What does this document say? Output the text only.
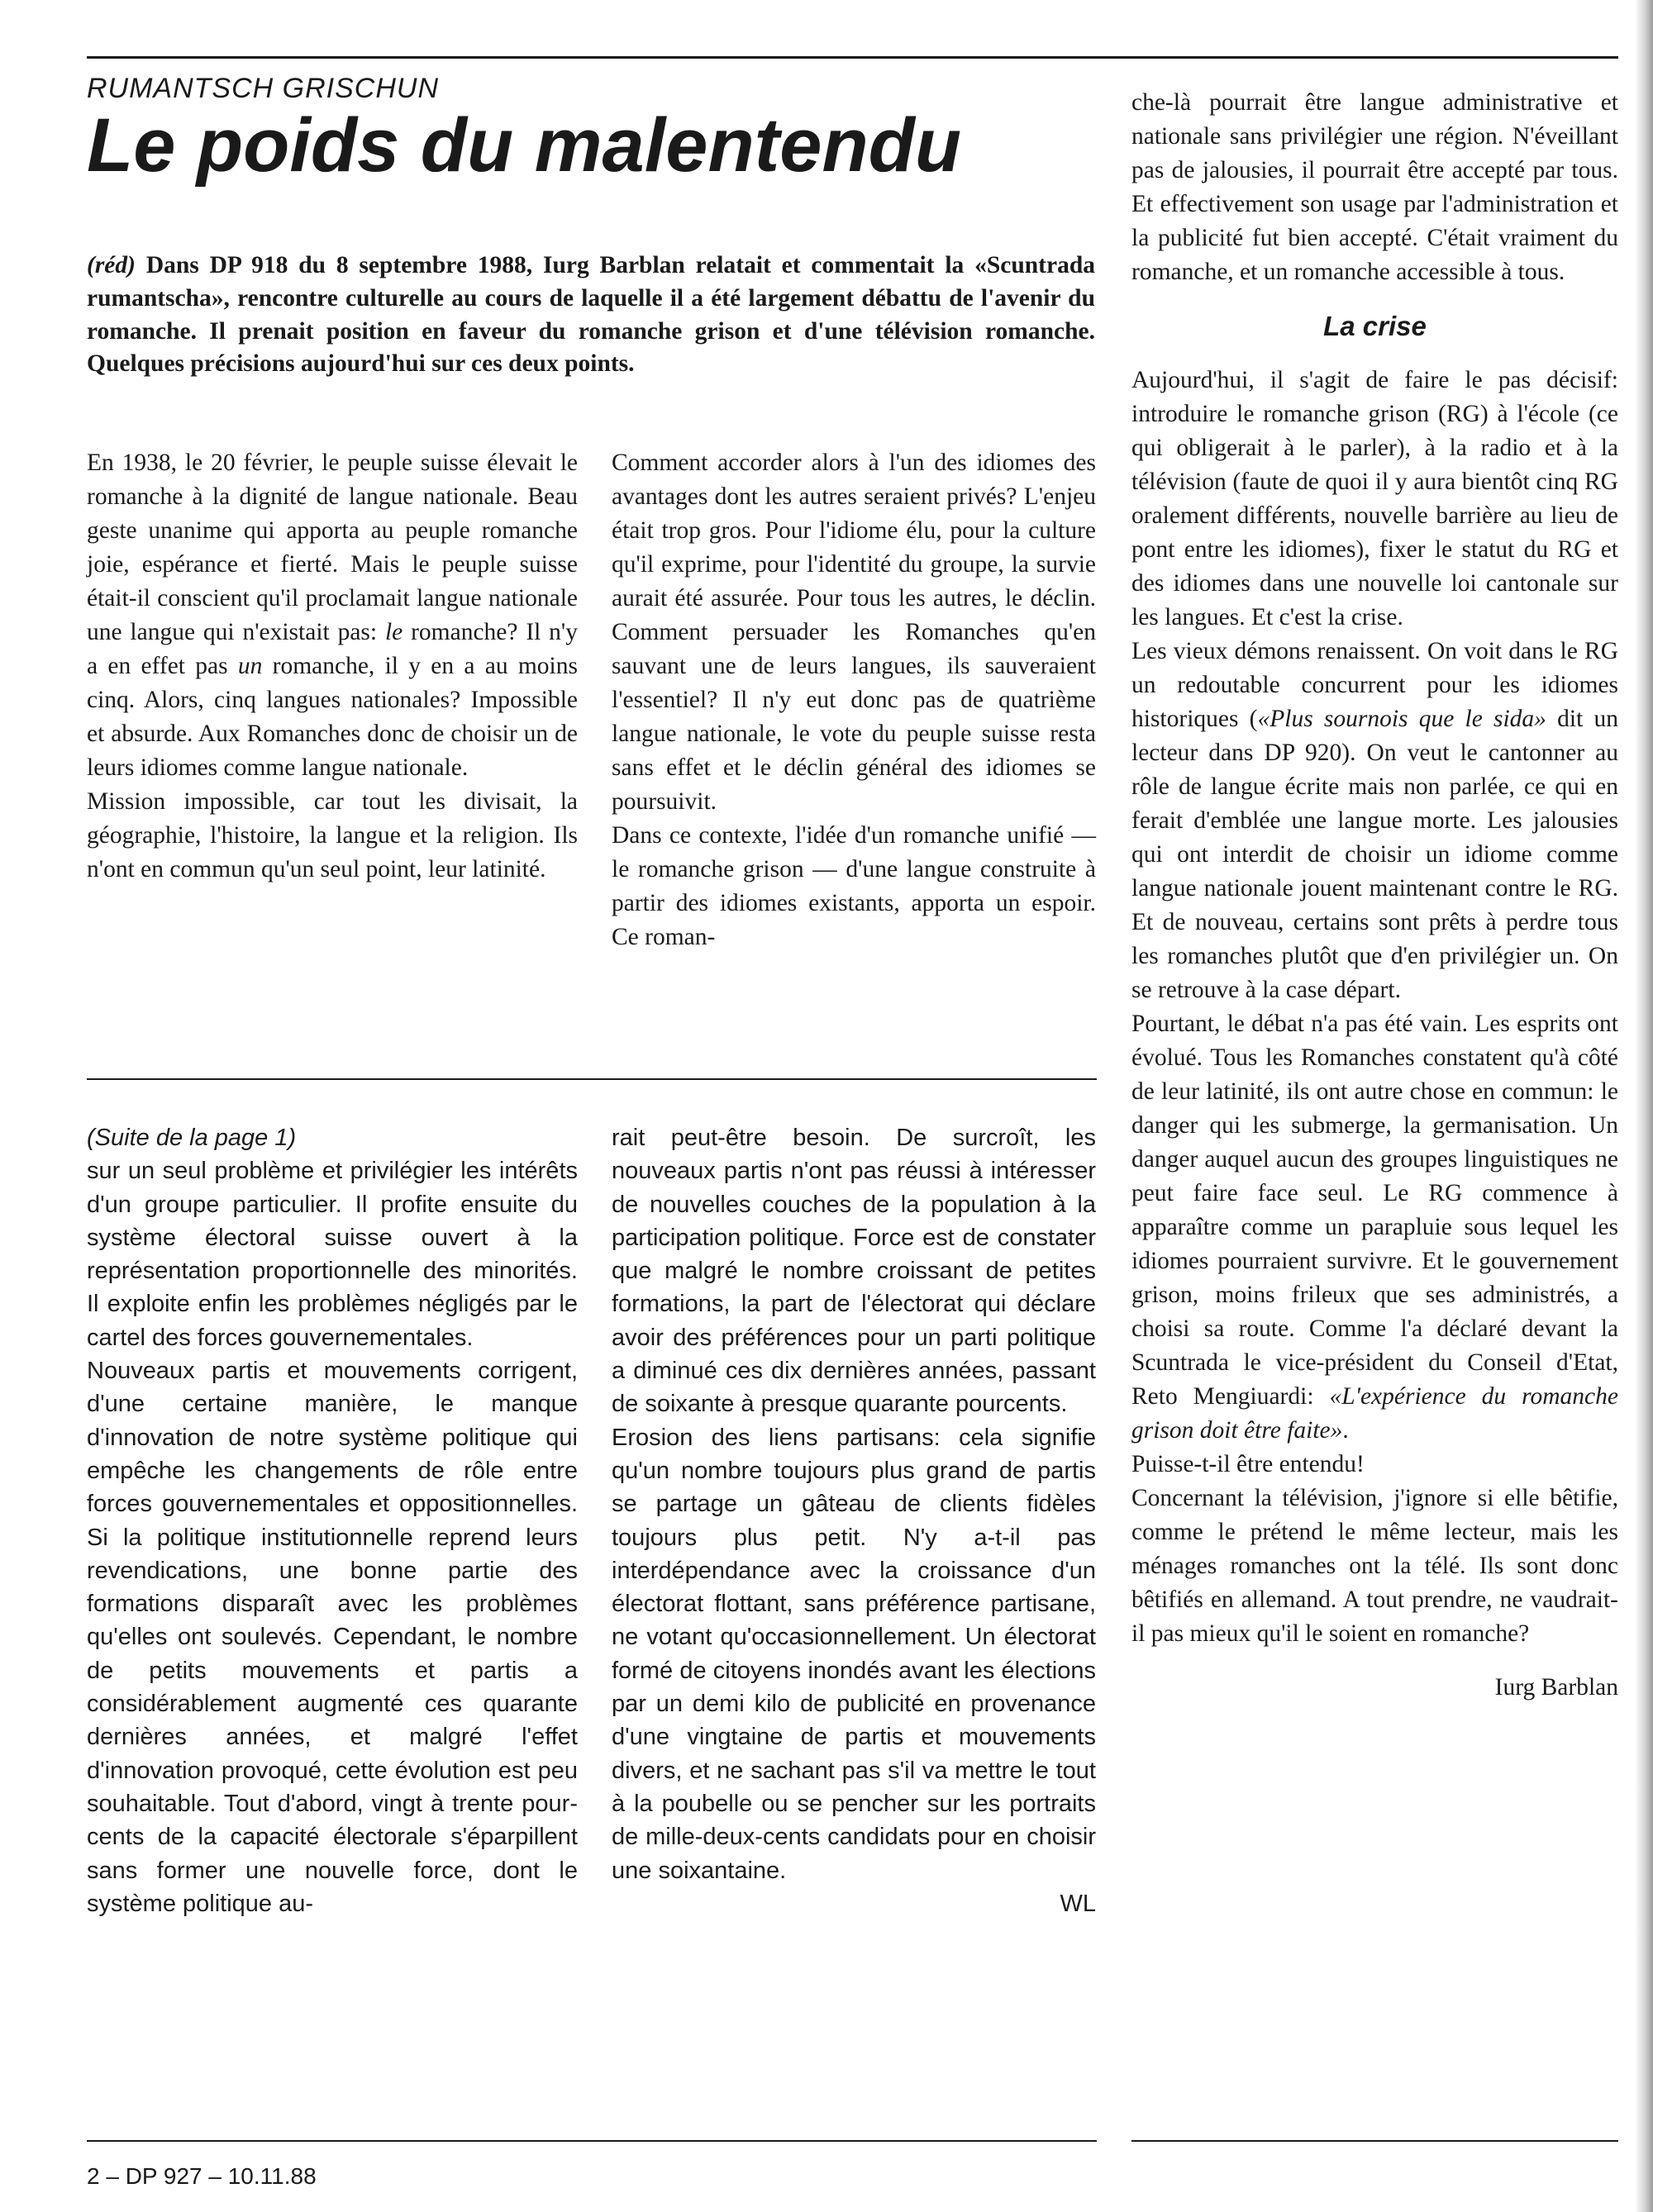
RUMANTSCH GRISCHUN
Le poids du malentendu

(réd) Dans DP 918 du 8 septembre 1988, Iurg Barblan relatait et commentait la «Scuntrada rumantscha», rencontre culturelle au cours de laquelle il a été largement débattu de l'avenir du romanche. Il prenait position en faveur du romanche grison et d'une télévision romanche. Quelques précisions aujourd'hui sur ces deux points.

En 1938, le 20 février, le peuple suisse élevait le romanche à la dignité de langue nationale. Beau geste unanime qui apporta au peuple romanche joie, espérance et fierté. Mais le peuple suisse était-il conscient qu'il proclamait langue nationale une langue qui n'existait pas: le romanche? Il n'y a en effet pas un romanche, il y en a au moins cinq. Alors, cinq langues nationales? Impossible et absurde. Aux Romanches donc de choisir un de leurs idiomes comme langue nationale.

Mission impossible, car tout les divisait, la géographie, l'histoire, la langue et la religion. Ils n'ont en commun qu'un seul point, leur latinité.

Comment accorder alors à l'un des idiomes des avantages dont les autres seraient privés? L'enjeu était trop gros. Pour l'idiome élu, pour la culture qu'il exprime, pour l'identité du groupe, la survie aurait été assurée. Pour tous les autres, le déclin. Comment persuader les Romanches qu'en sauvant une de leurs langues, ils sauveraient l'essentiel? Il n'y eut donc pas de quatrième langue nationale, le vote du peuple suisse resta sans effet et le déclin général des idiomes se poursuivit.

Dans ce contexte, l'idée d'un romanche unifié — le romanche grison — d'une langue construite à partir des idiomes existants, apporta un espoir. Ce roman-

che-là pourrait être langue administrative et nationale sans privilégier une région. N'éveillant pas de jalousies, il pourrait être accepté par tous. Et effectivement son usage par l'administration et la publicité fut bien accepté. C'était vraiment du romanche, et un romanche accessible à tous.

La crise

Aujourd'hui, il s'agit de faire le pas décisif: introduire le romanche grison (RG) à l'école (ce qui obligerait à le parler), à la radio et à la télévision (faute de quoi il y aura bientôt cinq RG oralement différents, nouvelle barrière au lieu de pont entre les idiomes), fixer le statut du RG et des idiomes dans une nouvelle loi cantonale sur les langues. Et c'est la crise.

Les vieux démons renaissent. On voit dans le RG un redoutable concurrent pour les idiomes historiques («Plus sournois que le sida» dit un lecteur dans DP 920). On veut le cantonner au rôle de langue écrite mais non parlée, ce qui en ferait d'emblée une langue morte. Les jalousies qui ont interdit de choisir un idiome comme langue nationale jouent maintenant contre le RG. Et de nouveau, certains sont prêts à perdre tous les romanches plutôt que d'en privilégier un. On se retrouve à la case départ.

Pourtant, le débat n'a pas été vain. Les esprits ont évolué. Tous les Romanches constatent qu'à côté de leur latinité, ils ont autre chose en commun: le danger qui les submerge, la germanisation. Un danger auquel aucun des groupes linguistiques ne peut faire face seul. Le RG commence à apparaître comme un parapluie sous lequel les idiomes pourraient survivre. Et le gouvernement grison, moins frileux que ses administrés, a choisi sa route. Comme l'a déclaré devant la Scuntrada le vice-président du Conseil d'Etat, Reto Mengiuardi: «L'expérience du romanche grison doit être faite».

Puisse-t-il être entendu!

Concernant la télévision, j'ignore si elle bêtifie, comme le prétend le même lecteur, mais les ménages romanches ont la télé. Ils sont donc bêtifiés en allemand. A tout prendre, ne vaudrait-il pas mieux qu'il le soient en romanche?

Iurg Barblan

(Suite de la page 1)

sur un seul problème et privilégier les intérêts d'un groupe particulier. Il profite ensuite du système électoral suisse ouvert à la représentation proportionnelle des minorités. Il exploite enfin les problèmes négligés par le cartel des forces gouvernementales.

Nouveaux partis et mouvements corrigent, d'une certaine manière, le manque d'innovation de notre système politique qui empêche les changements de rôle entre forces gouvernementales et oppositionnelles. Si la politique institutionnelle reprend leurs revendications, une bonne partie des formations disparaît avec les problèmes qu'elles ont soulevés. Cependant, le nombre de petits mouvements et partis a considérablement augmenté ces quarante dernières années, et malgré l'effet d'innovation provoqué, cette évolution est peu souhaitable. Tout d'abord, vingt à trente pour-cents de la capacité électorale s'éparpillent sans former une nouvelle force, dont le système politique au-

rait peut-être besoin. De surcroît, les nouveaux partis n'ont pas réussi à intéresser de nouvelles couches de la population à la participation politique. Force est de constater que malgré le nombre croissant de petites formations, la part de l'électorat qui déclare avoir des préférences pour un parti politique a diminué ces dix dernières années, passant de soixante à presque quarante pourcents.

Erosion des liens partisans: cela signifie qu'un nombre toujours plus grand de partis se partage un gâteau de clients fidèles toujours plus petit. N'y a-t-il pas interdépendance avec la croissance d'un électorat flottant, sans préférence partisane, ne votant qu'occasionnellement. Un électorat formé de citoyens inondés avant les élections par un demi kilo de publicité en provenance d'une vingtaine de partis et mouvements divers, et ne sachant pas s'il va mettre le tout à la poubelle ou se pencher sur les portraits de mille-deux-cents candidats pour en choisir une soixantaine.

WL
2 – DP 927 – 10.11.88
